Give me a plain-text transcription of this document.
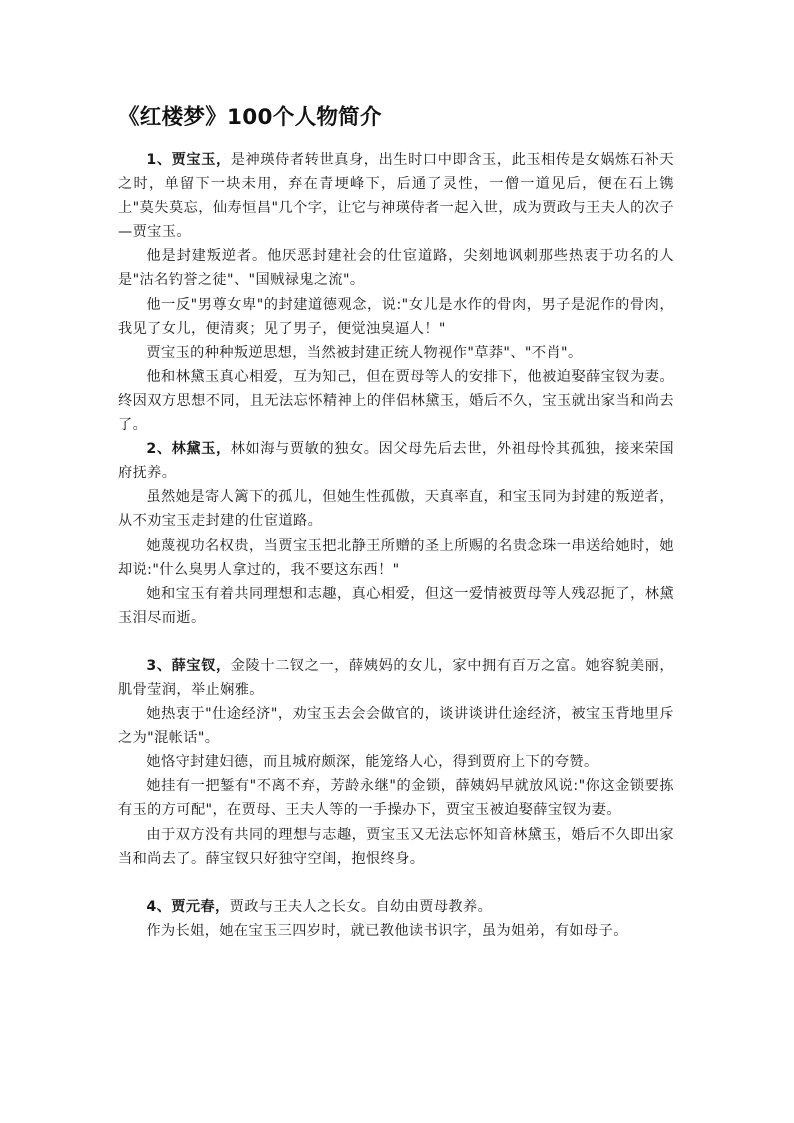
《红楼梦》100个人物简介

1、贾宝玉，是神瑛侍者转世真身，出生时口中即含玉，此玉相传是女娲炼石补天之时，单留下一块未用，弃在青埂峰下，后通了灵性，一僧一道见后，便在石上镌上"莫失莫忘，仙寿恒昌"几个字，让它与神瑛侍者一起入世，成为贾政与王夫人的次子—贾宝玉。

他是封建叛逆者。他厌恶封建社会的仕宦道路，尖刻地讽刺那些热衷于功名的人是"沽名钓誉之徒"、"国贼禄鬼之流"。

他一反"男尊女卑"的封建道德观念，说:"女儿是水作的骨肉，男子是泥作的骨肉，我见了女儿，便清爽；见了男子，便觉浊臭逼人！"

贾宝玉的种种叛逆思想，当然被封建正统人物视作"草莽"、"不肖"。

他和林黛玉真心相爱，互为知己，但在贾母等人的安排下，他被迫娶薛宝钗为妻。终因双方思想不同，且无法忘怀精神上的伴侣林黛玉，婚后不久，宝玉就出家当和尚去了。

2、林黛玉，林如海与贾敏的独女。因父母先后去世，外祖母怜其孤独，接来荣国府抚养。

虽然她是寄人篱下的孤儿，但她生性孤傲，天真率直，和宝玉同为封建的叛逆者，从不劝宝玉走封建的仕宦道路。

她蔑视功名权贵，当贾宝玉把北静王所赠的圣上所赐的名贵念珠一串送给她时，她却说:"什么臭男人拿过的，我不要这东西！"

她和宝玉有着共同理想和志趣，真心相爱，但这一爱情被贾母等人残忍扼了，林黛玉泪尽而逝。

3、薛宝钗，金陵十二钗之一，薛姨妈的女儿，家中拥有百万之富。她容貌美丽，肌骨莹润，举止娴雅。

她热衷于"仕途经济"，劝宝玉去会会做官的，谈讲谈讲仕途经济，被宝玉背地里斥之为"混帐话"。

她恪守封建妇德，而且城府颇深，能笼络人心，得到贾府上下的夸赞。

她挂有一把錾有"不离不弃，芳龄永继"的金锁，薛姨妈早就放风说:"你这金锁要拣有玉的方可配"，在贾母、王夫人等的一手操办下，贾宝玉被迫娶薛宝钗为妻。

由于双方没有共同的理想与志趣，贾宝玉又无法忘怀知音林黛玉，婚后不久即出家当和尚去了。薛宝钗只好独守空闺，抱恨终身。

4、贾元春，贾政与王夫人之长女。自幼由贾母教养。

作为长姐，她在宝玉三四岁时，就已教他读书识字，虽为姐弟，有如母子。
